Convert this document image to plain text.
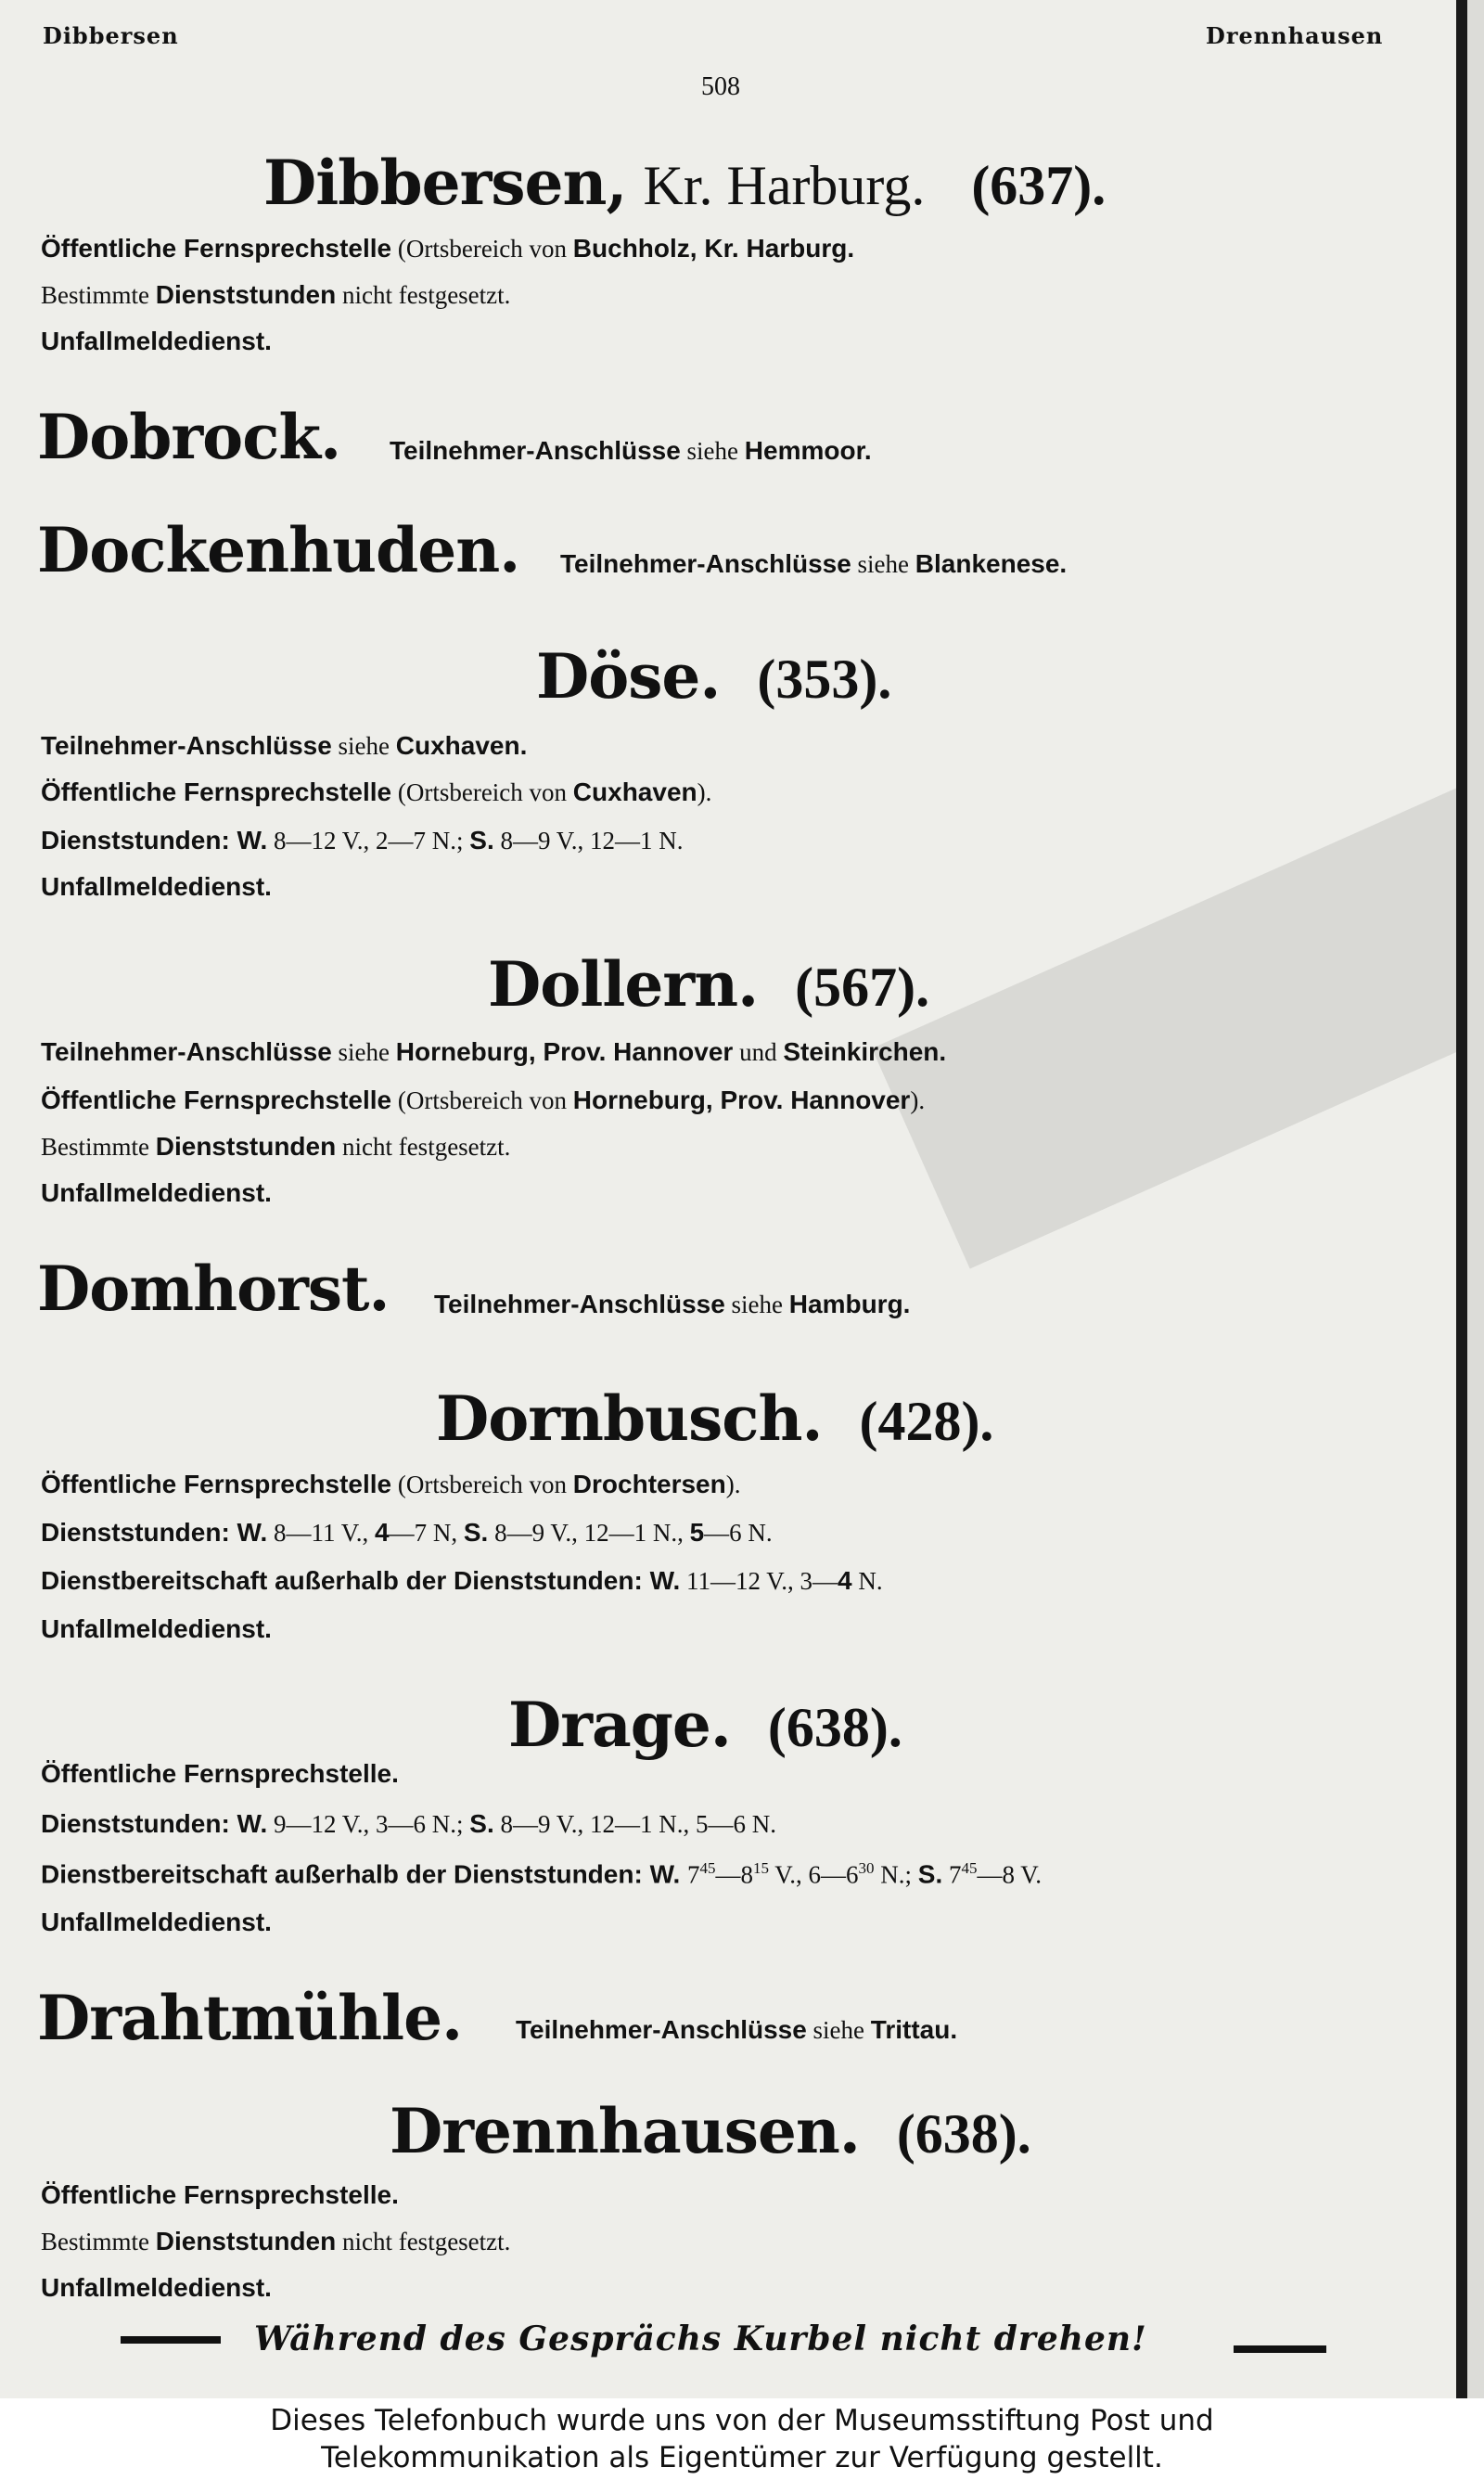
Dibbersen	Drennhausen
508
Dibbersen, Kr. Harburg. (637).
Öffentliche Fernsprechstelle (Ortsbereich von Buchholz, Kr. Harburg.
Bestimmte Dienststunden nicht festgesetzt.
Unfallmeldedienst.
Dobrock. Teilnehmer-Anschlüsse siehe Hemmoor.
Dockenhuden. Teilnehmer-Anschlüsse siehe Blankenese.
Döse. (353).
Teilnehmer-Anschlüsse siehe Cuxhaven.
Öffentliche Fernsprechstelle (Ortsbereich von Cuxhaven).
Dienststunden: W. 8—12 V., 2—7 N.; S. 8—9 V., 12—1 N.
Unfallmeldedienst.
Dollern. (567).
Teilnehmer-Anschlüsse siehe Horneburg, Prov. Hannover und Steinkirchen.
Öffentliche Fernsprechstelle (Ortsbereich von Horneburg, Prov. Hannover).
Bestimmte Dienststunden nicht festgesetzt.
Unfallmeldedienst.
Domhorst. Teilnehmer-Anschlüsse siehe Hamburg.
Dornbusch. (428).
Öffentliche Fernsprechstelle (Ortsbereich von Drochtersen).
Dienststunden: W. 8—11 V., 4—7 N, S. 8—9 V., 12—1 N., 5—6 N.
Dienstbereitschaft außerhalb der Dienststunden: W. 11—12 V., 3—4 N.
Unfallmeldedienst.
Drage. (638).
Öffentliche Fernsprechstelle.
Dienststunden: W. 9—12 V., 3—6 N.; S. 8—9 V., 12—1 N., 5—6 N.
Dienstbereitschaft außerhalb der Dienststunden: W. $7^{45}—8^{15}$ V., $6—6^{30}$ N.; S. $7^{45}—8$ V.
Unfallmeldedienst.
Drahtmühle. Teilnehmer-Anschlüsse siehe Trittau.
Drennhausen. (638).
Öffentliche Fernsprechstelle.
Bestimmte Dienststunden nicht festgesetzt.
Unfallmeldedienst.
Während des Gesprächs Kurbel nicht drehen!
Dieses Telefonbuch wurde uns von der Museumsstiftung Post und
Telekommunikation als Eigentümer zur Verfügung gestellt.
